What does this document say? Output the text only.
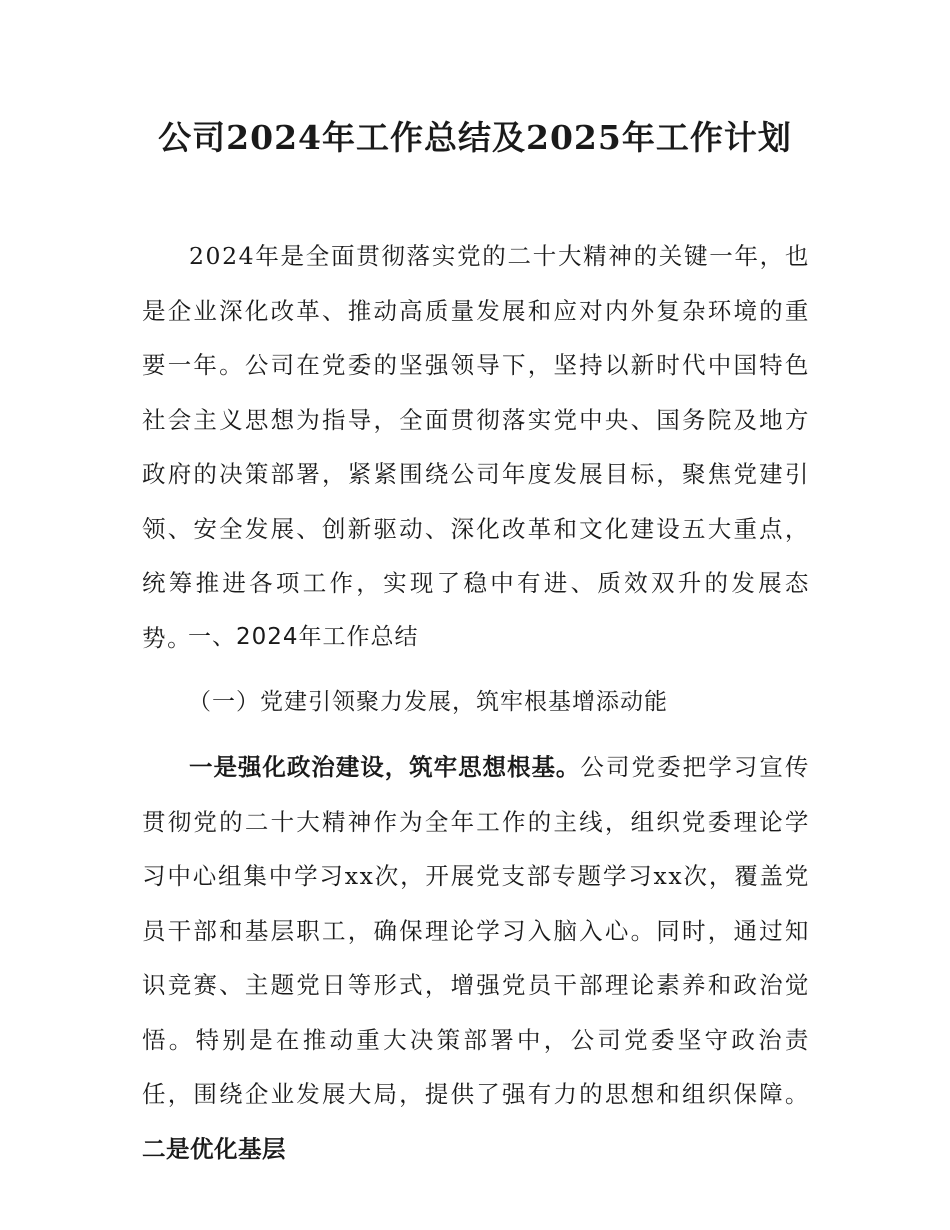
公司2024年工作总结及2025年工作计划

2024年是全面贯彻落实党的二十大精神的关键一年，也是企业深化改革、推动高质量发展和应对内外复杂环境的重要一年。公司在党委的坚强领导下，坚持以新时代中国特色社会主义思想为指导，全面贯彻落实党中央、国务院及地方政府的决策部署，紧紧围绕公司年度发展目标，聚焦党建引领、安全发展、创新驱动、深化改革和文化建设五大重点，统筹推进各项工作，实现了稳中有进、质效双升的发展态势。

一、2024年工作总结

（一）党建引领聚力发展，筑牢根基增添动能

一是强化政治建设，筑牢思想根基。公司党委把学习宣传贯彻党的二十大精神作为全年工作的主线，组织党委理论学习中心组集中学习xx次，开展党支部专题学习xx次，覆盖党员干部和基层职工，确保理论学习入脑入心。同时，通过知识竞赛、主题党日等形式，增强党员干部理论素养和政治觉悟。特别是在推动重大决策部署中，公司党委坚守政治责任，围绕企业发展大局，提供了强有力的思想和组织保障。二是优化基层
